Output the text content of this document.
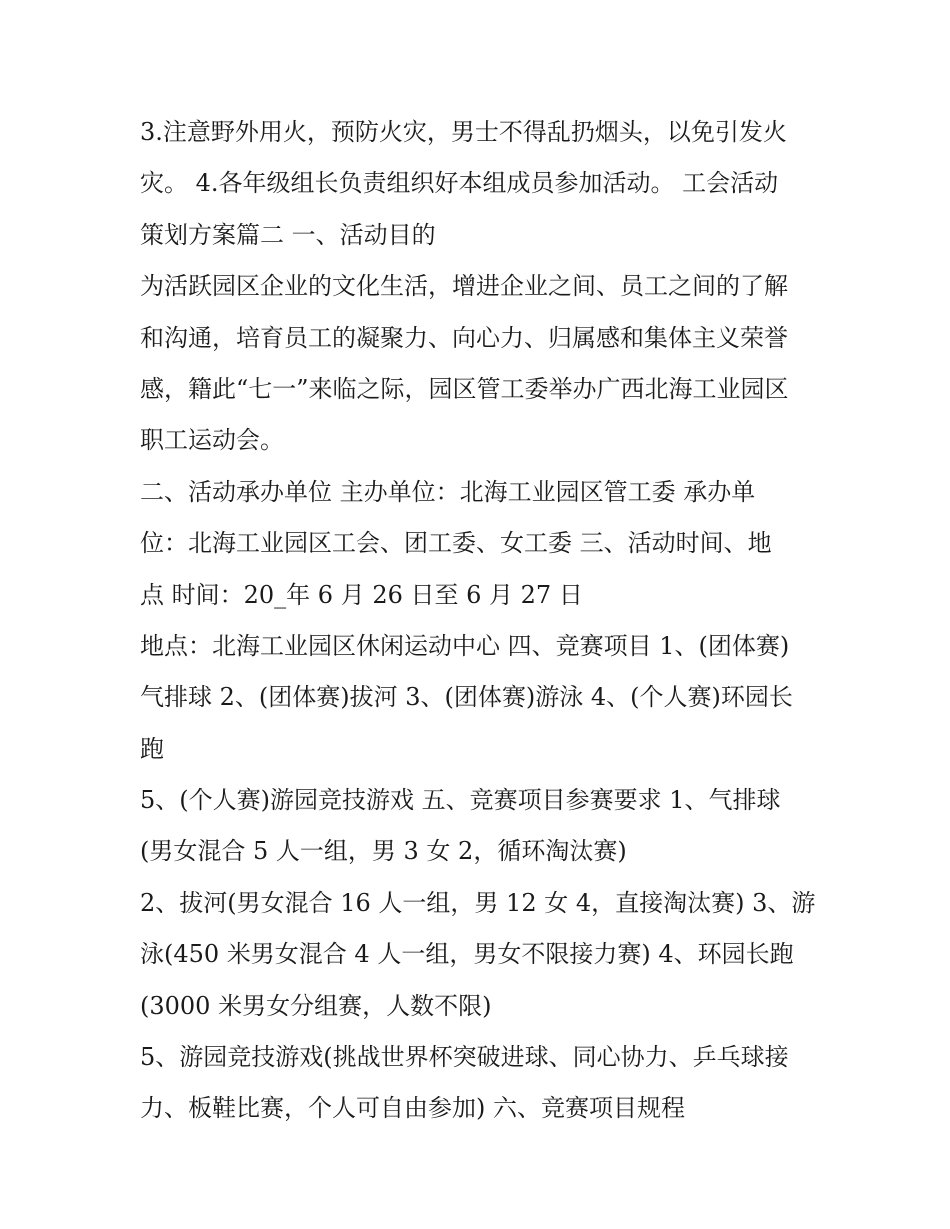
3.注意野外用火，预防火灾，男士不得乱扔烟头，以免引发火
灾。 4.各年级组长负责组织好本组成员参加活动。 工会活动
策划方案篇二 一、活动目的
为活跃园区企业的文化生活，增进企业之间、员工之间的了解
和沟通，培育员工的凝聚力、向心力、归属感和集体主义荣誉
感，籍此“七一”来临之际，园区管工委举办广西北海工业园区
职工运动会。
二、活动承办单位 主办单位：北海工业园区管工委 承办单
位：北海工业园区工会、团工委、女工委 三、活动时间、地
点 时间：20_年 6 月 26 日至 6 月 27 日
地点：北海工业园区休闲运动中心 四、竞赛项目 1、(团体赛)
气排球 2、(团体赛)拔河 3、(团体赛)游泳 4、(个人赛)环园长
跑
5、(个人赛)游园竞技游戏 五、竞赛项目参赛要求 1、气排球
(男女混合 5 人一组，男 3 女 2，循环淘汰赛)
2、拔河(男女混合 16 人一组，男 12 女 4，直接淘汰赛) 3、游
泳(450 米男女混合 4 人一组，男女不限接力赛) 4、环园长跑
(3000 米男女分组赛，人数不限)
5、游园竞技游戏(挑战世界杯突破进球、同心协力、乒乓球接
力、板鞋比赛，个人可自由参加) 六、竞赛项目规程
